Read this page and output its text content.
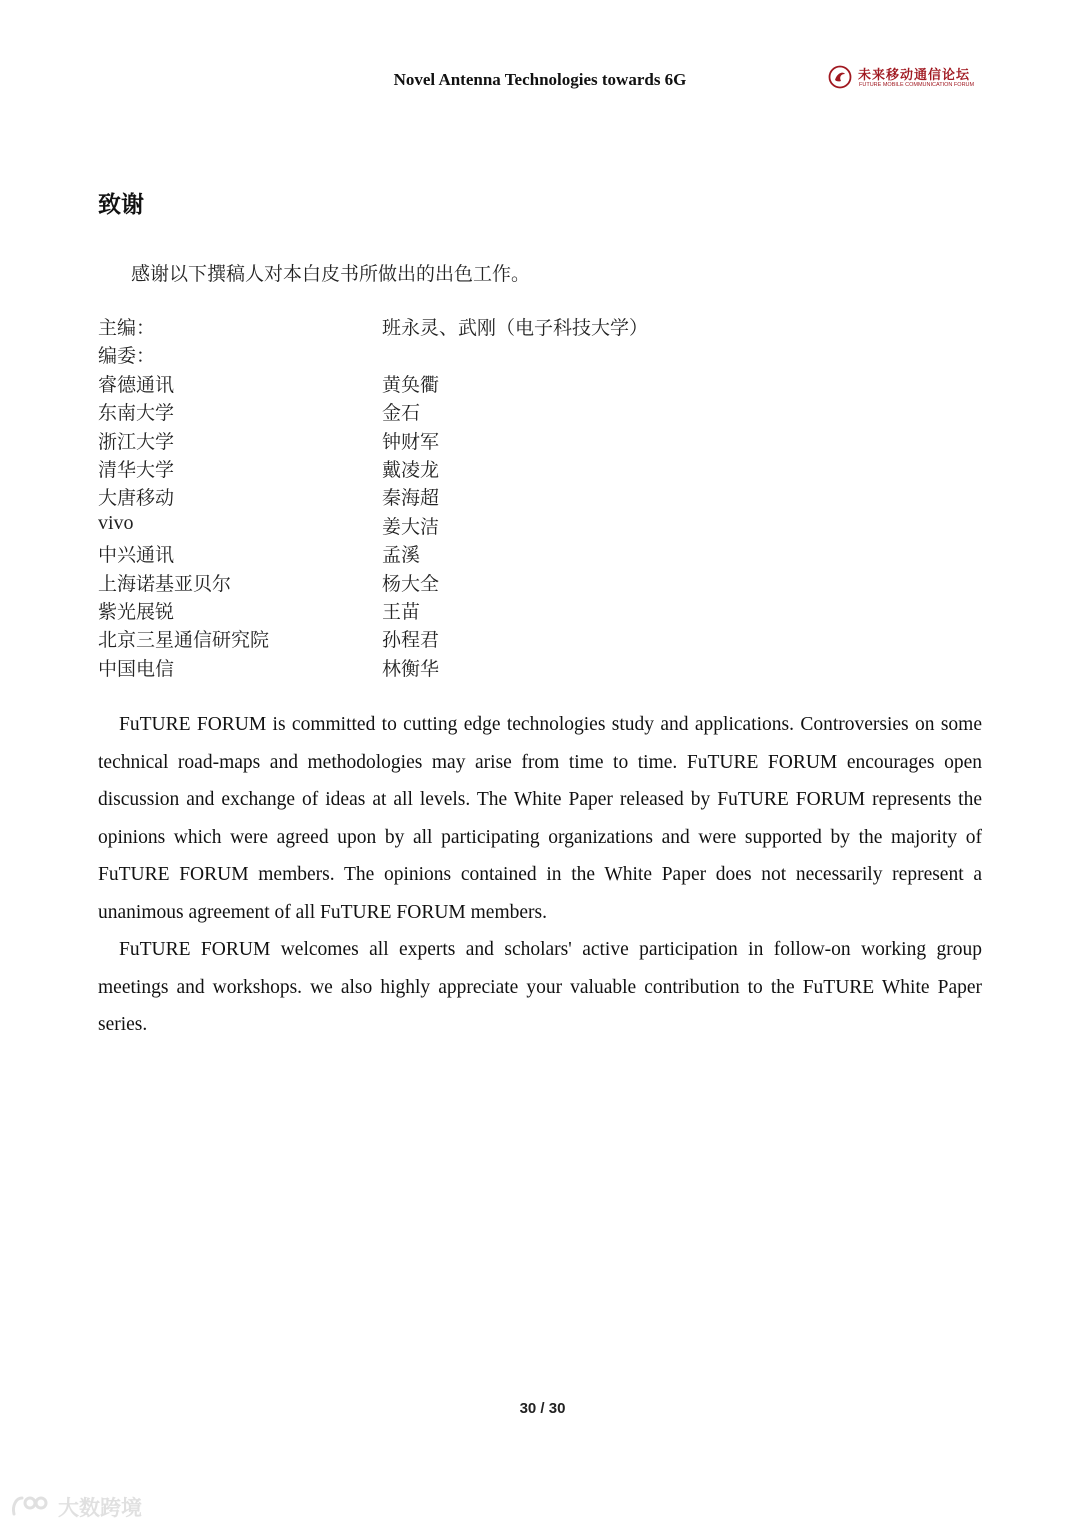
Novel Antenna Technologies towards 6G	未来移动通信论坛
FUTURE MOBILE COMMUNICATION FORUM
致谢
感谢以下撰稿人对本白皮书所做出的出色工作。
主编：	班永灵、武刚（电子科技大学）
编委：
睿德通讯	黄奂衢
东南大学	金石
浙江大学	钟财军
清华大学	戴凌龙
大唐移动	秦海超
vivo	姜大洁
中兴通讯	孟溪
上海诺基亚贝尔	杨大全
紫光展锐	王苗
北京三星通信研究院	孙程君
中国电信	林衡华

FuTURE FORUM is committed to cutting edge technologies study and applications. Controversies on some technical road-maps and methodologies may arise from time to time. FuTURE FORUM encourages open discussion and exchange of ideas at all levels. The White Paper released by FuTURE FORUM represents the opinions which were agreed upon by all participating organizations and were supported by the majority of FuTURE FORUM members. The opinions contained in the White Paper does not necessarily represent a unanimous agreement of all FuTURE FORUM members.

FuTURE FORUM welcomes all experts and scholars' active participation in follow-on working group meetings and workshops. we also highly appreciate your valuable contribution to the FuTURE White Paper series.

30 / 30
大数跨境
